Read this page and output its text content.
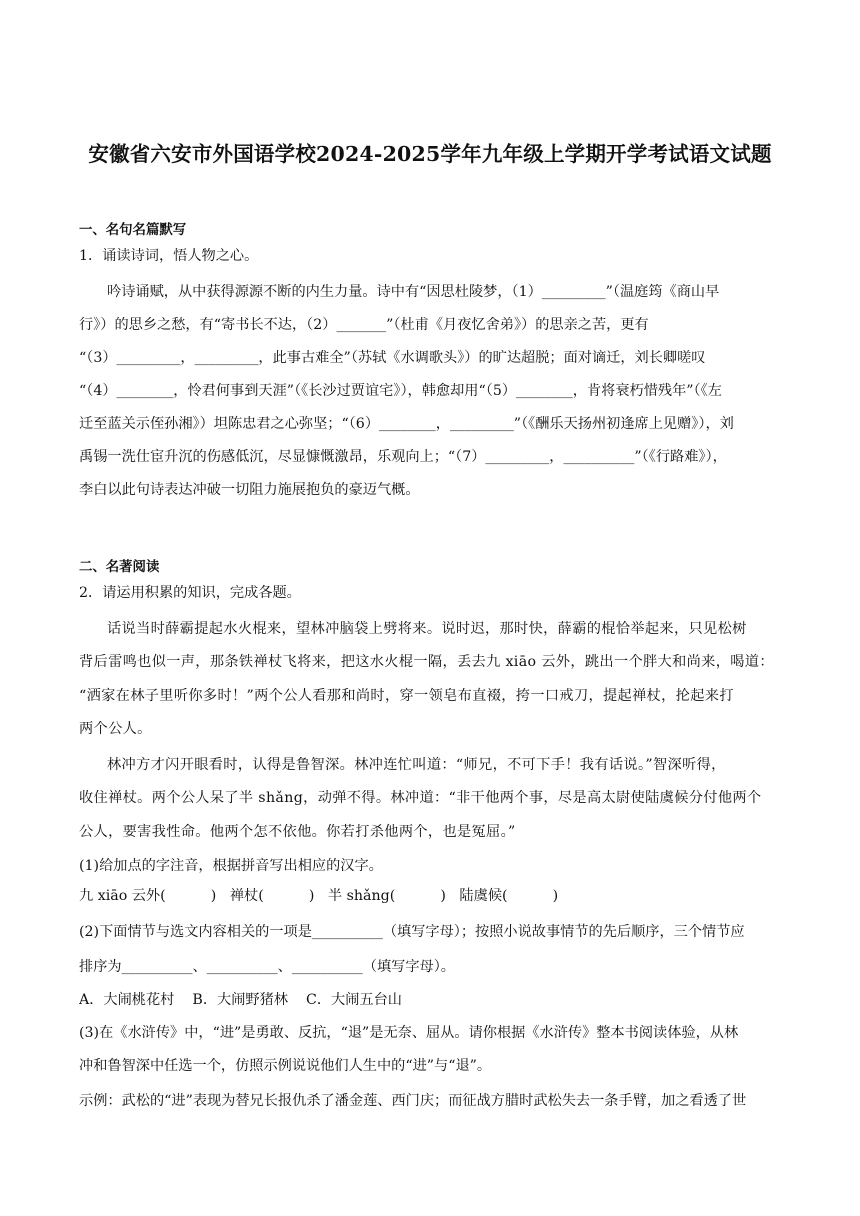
安徽省六安市外国语学校2024-2025学年九年级上学期开学考试语文试题
一、名句名篇默写
1．诵读诗词，悟人物之心。
吟诗诵赋，从中获得源源不断的内生力量。诗中有“因思杜陵梦，（1）_________”（温庭筠《商山早
行》）的思乡之愁，有“寄书长不达，（2）_______”（杜甫《月夜忆舍弟》）的思亲之苦，更有
“（3）_________，_________，此事古难全”（苏轼《水调歌头》）的旷达超脱；面对谪迁，刘长卿嗟叹
“（4）________，怜君何事到天涯”（《长沙过贾谊宅》），韩愈却用“（5）________，肯将衰朽惜残年”（《左
迁至蓝关示侄孙湘》）坦陈忠君之心弥坚；“（6）________，_________”（《酬乐天扬州初逢席上见赠》），刘
禹锡一洗仕宦升沉的伤感低沉，尽显慷慨激昂，乐观向上；“（7）_________，__________”（《行路难》），
李白以此句诗表达冲破一切阻力施展抱负的豪迈气概。
二、名著阅读
2．请运用积累的知识，完成各题。
话说当时薛霸提起水火棍来，望林冲脑袋上劈将来。说时迟，那时快，薛霸的棍恰举起来，只见松树
背后雷鸣也似一声，那条铁禅杖飞将来，把这水火棍一隔，丢去九 xiāo 云外，跳出一个胖大和尚来，喝道：
“洒家在林子里听你多时！”两个公人看那和尚时，穿一领皂布直裰，挎一口戒刀，提起禅杖，抡起来打
两个公人。
林冲方才闪开眼看时，认得是鲁智深。林冲连忙叫道：“师兄，不可下手！我有话说。”智深听得，
收住禅杖。两个公人呆了半 shǎng，动弹不得。林冲道：“非干他两个事，尽是高太尉使陆虞候分付他两个
公人，要害我性命。他两个怎不依他。你若打杀他两个，也是冤屈。”
(1)给加点的字注音，根据拼音写出相应的汉字。
九 xiāo 云外(          )   禅杖(          )   半 shǎng(          )   陆虞候(          )
(2)下面情节与选文内容相关的一项是__________（填写字母）；按照小说故事情节的先后顺序，三个情节应
排序为__________、__________、__________（填写字母）。
A．大闹桃花村    B．大闹野猪林    C．大闹五台山
(3)在《水浒传》中，“进”是勇敢、反抗，“退”是无奈、屈从。请你根据《水浒传》整本书阅读体验，从林
冲和鲁智深中任选一个，仿照示例说说他们人生中的“进”与“退”。
示例：武松的“进”表现为替兄长报仇杀了潘金莲、西门庆；而征战方腊时武松失去一条手臂，加之看透了世
